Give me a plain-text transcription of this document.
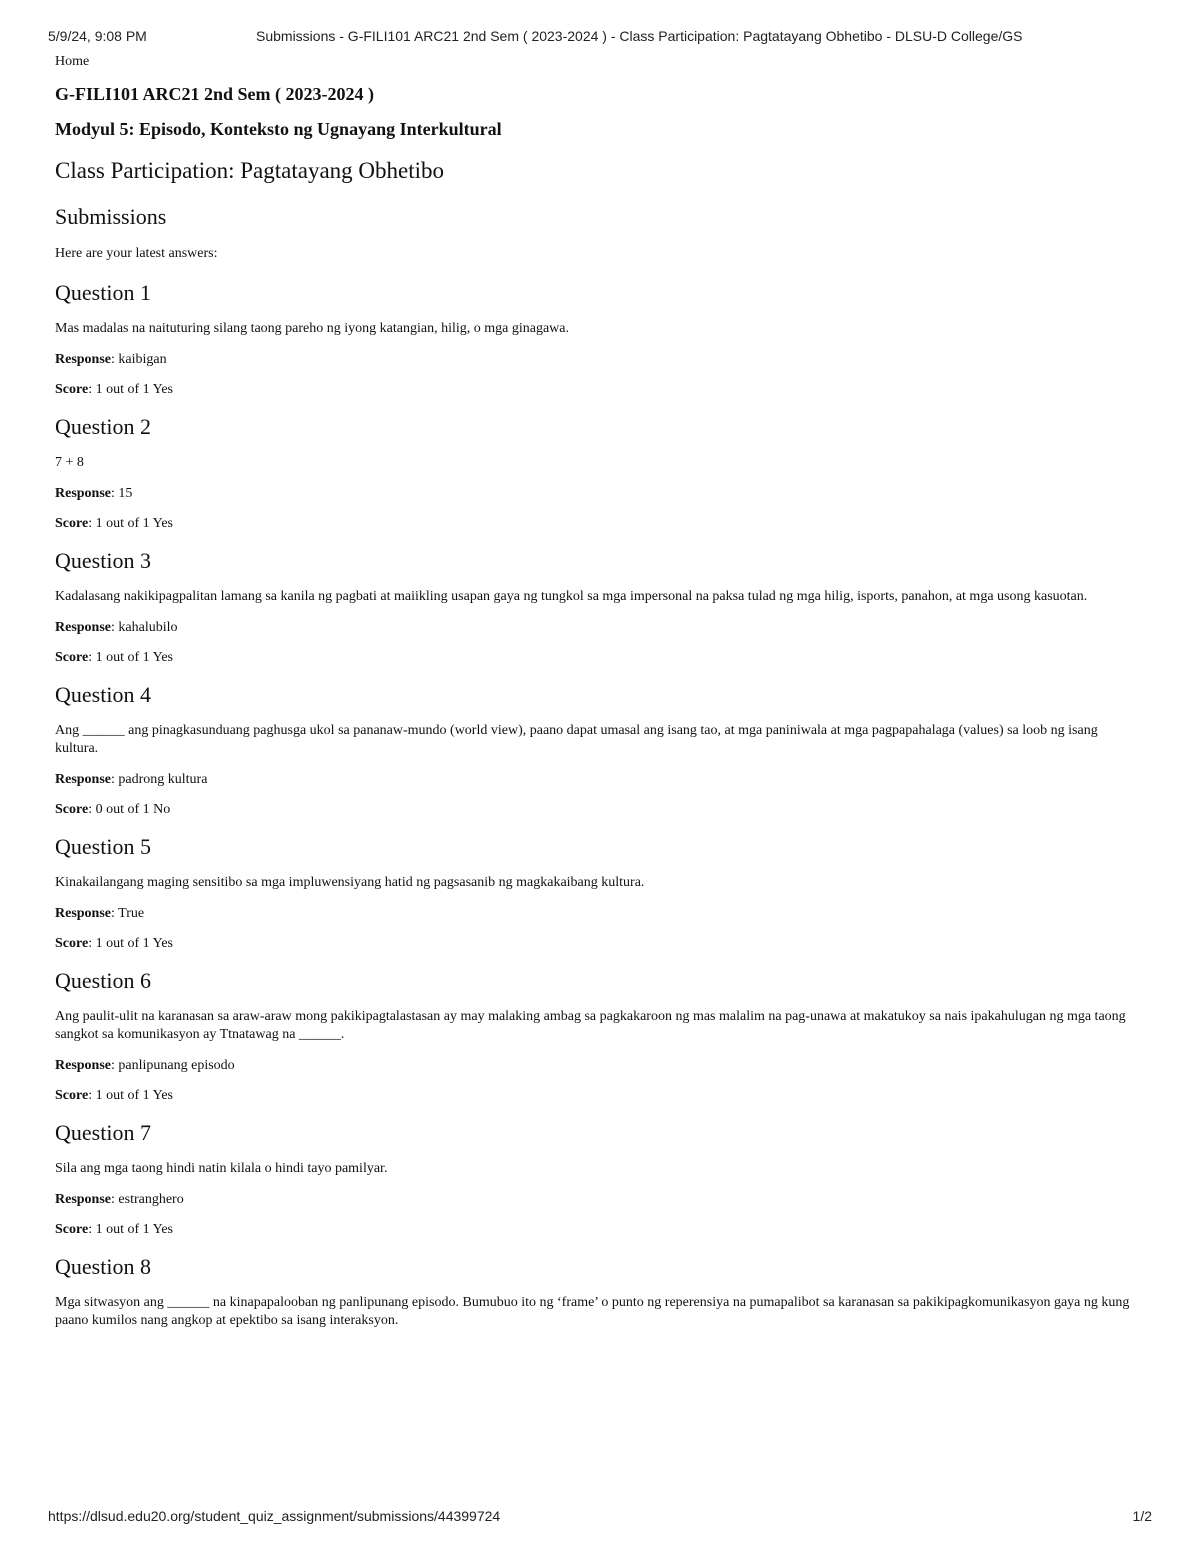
5/9/24, 9:08 PM	Submissions - G-FILI101 ARC21 2nd Sem ( 2023-2024 ) - Class Participation: Pagtatayang Obhetibo - DLSU-D College/GS
Home
G-FILI101 ARC21 2nd Sem ( 2023-2024 )
Modyul 5: Episodo, Konteksto ng Ugnayang Interkultural
Class Participation: Pagtatayang Obhetibo
Submissions

Here are your latest answers:

Question 1

Mas madalas na naituturing silang taong pareho ng iyong katangian, hilig, o mga ginagawa.

Response: kaibigan

Score: 1 out of 1 Yes

Question 2

7 + 8

Response: 15

Score: 1 out of 1 Yes

Question 3

Kadalasang nakikipagpalitan lamang sa kanila ng pagbati at maiikling usapan gaya ng tungkol sa mga impersonal na paksa tulad ng mga hilig, isports, panahon, at mga usong kasuotan.

Response: kahalubilo

Score: 1 out of 1 Yes

Question 4

Ang ______ ang pinagkasunduang paghusga ukol sa pananaw-mundo (world view), paano dapat umasal ang isang tao, at mga paniniwala at mga pagpapahalaga (values) sa loob ng isang kultura.

Response: padrong kultura

Score: 0 out of 1 No

Question 5

Kinakailangang maging sensitibo sa mga impluwensiyang hatid ng pagsasanib ng magkakaibang kultura.

Response: True

Score: 1 out of 1 Yes

Question 6

Ang paulit-ulit na karanasan sa araw-araw mong pakikipagtalastasan ay may malaking ambag sa pagkakaroon ng mas malalim na pag-unawa at makatukoy sa nais ipakahulugan ng mga taong sangkot sa komunikasyon ay Ttnatawag na ______.

Response: panlipunang episodo

Score: 1 out of 1 Yes

Question 7

Sila ang mga taong hindi natin kilala o hindi tayo pamilyar.

Response: estranghero

Score: 1 out of 1 Yes

Question 8

Mga sitwasyon ang ______ na kinapapalooban ng panlipunang episodo. Bumubuo ito ng ‘frame’ o punto ng reperensiya na pumapalibot sa karanasan sa pakikipagkomunikasyon gaya ng kung paano kumilos nang angkop at epektibo sa isang interaksyon.

https://dlsud.edu20.org/student_quiz_assignment/submissions/44399724	1/2
